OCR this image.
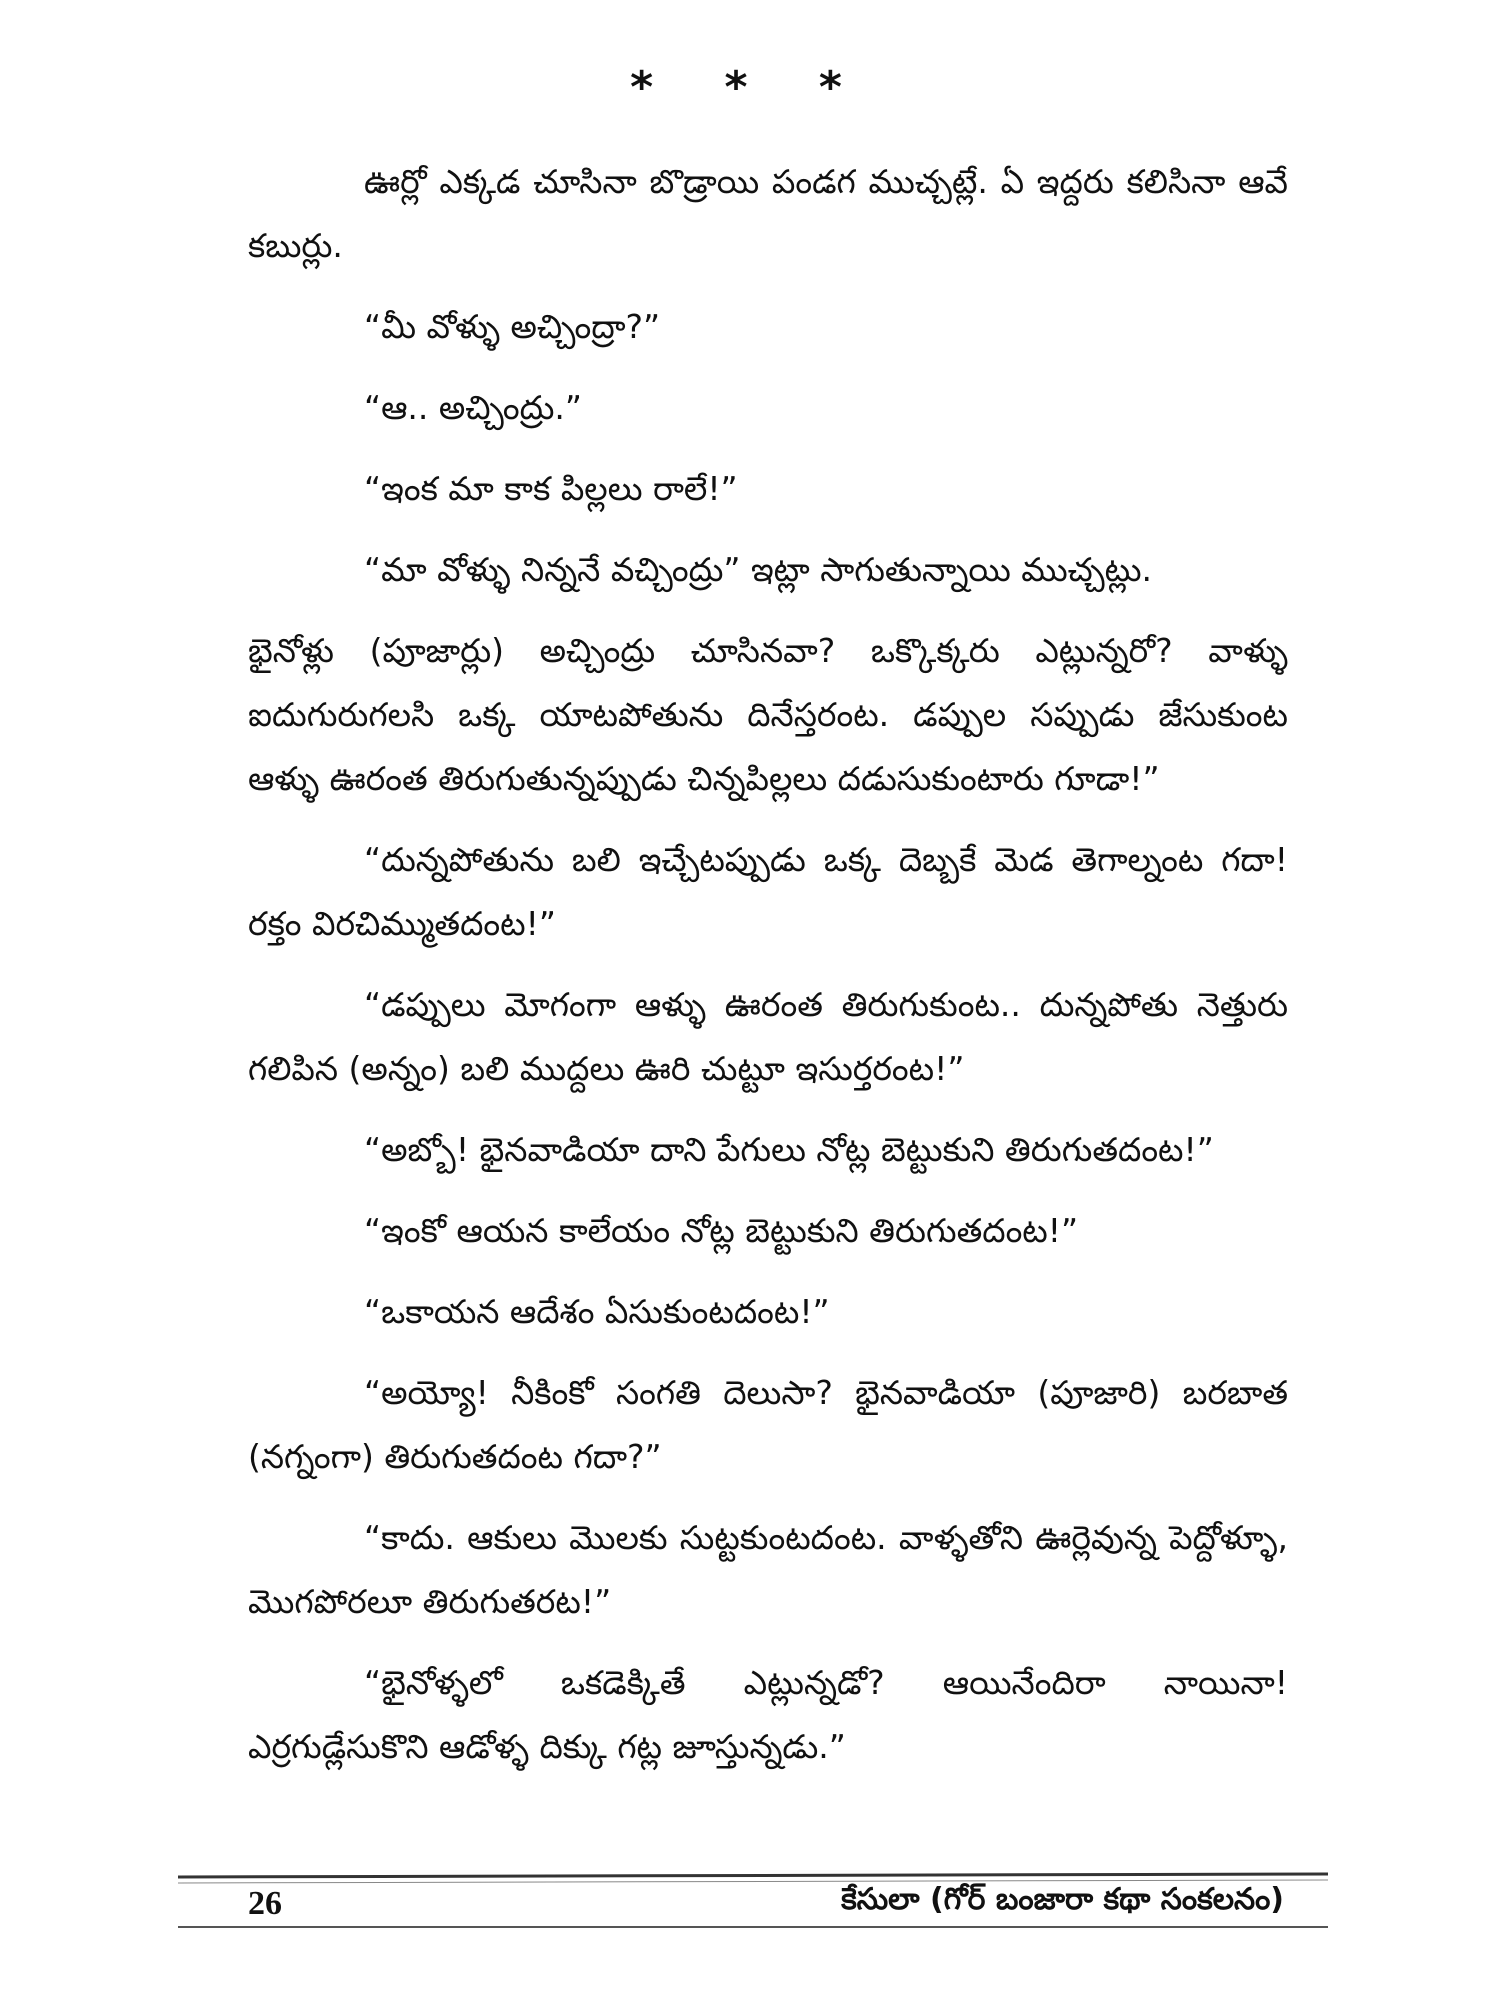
* * *

ఊర్లో ఎక్కడ చూసినా బొడ్రాయి పండగ ముచ్చట్లే. ఏ ఇద్దరు కలిసినా ఆవే కబుర్లు.

“మీ వోళ్ళు అచ్చింద్రా?”

“ఆ.. అచ్చింద్రు.”

“ఇంక మా కాక పిల్లలు రాలే!”

“మా వోళ్ళు నిన్ననే వచ్చింద్రు” ఇట్లా సాగుతున్నాయి ముచ్చట్లు.

భైనోళ్లు (పూజార్లు) అచ్చింద్రు చూసినవా? ఒక్కొక్కరు ఎట్లున్నరో? వాళ్ళు ఐదుగురుగలసి ఒక్క యాటపోతును దినేస్తరంట. డప్పుల సప్పుడు జేసుకుంట ఆళ్ళు ఊరంత తిరుగుతున్నప్పుడు చిన్నపిల్లలు దడుసుకుంటారు గూడా!”

“దున్నపోతును బలి ఇచ్చేటప్పుడు ఒక్క దెబ్బకే మెడ తెగాల్నంట గదా! రక్తం విరచిమ్ముతదంట!”

“డప్పులు మోగంగా ఆళ్ళు ఊరంత తిరుగుకుంట.. దున్నపోతు నెత్తురు గలిపిన (అన్నం) బలి ముద్దలు ఊరి చుట్టూ ఇసుర్తరంట!”

“అబ్బో! భైనవాడియా దాని పేగులు నోట్ల బెట్టుకుని తిరుగుతదంట!”

“ఇంకో ఆయన కాలేయం నోట్ల బెట్టుకుని తిరుగుతదంట!”

“ఒకాయన ఆదేశం ఏసుకుంటదంట!”

“అయ్యో! నీకింకో సంగతి దెలుసా? భైనవాడియా (పూజారి) బరబాత (నగ్నంగా) తిరుగుతదంట గదా?”

“కాదు. ఆకులు మొలకు సుట్టకుంటదంట. వాళ్ళతోని ఊర్లెవున్న పెద్దోళ్ళూ, మొగపోరలూ తిరుగుతరట!”

“భైనోళ్ళలో ఒకడెక్కితే ఎట్లున్నడో? ఆయినేందిరా నాయినా! ఎర్రగుడ్లేసుకొని ఆడోళ్ళ దిక్కు గట్ల జూస్తున్నడు.”

26	కేసులా (గోర్ బంజారా కథా సంకలనం)
